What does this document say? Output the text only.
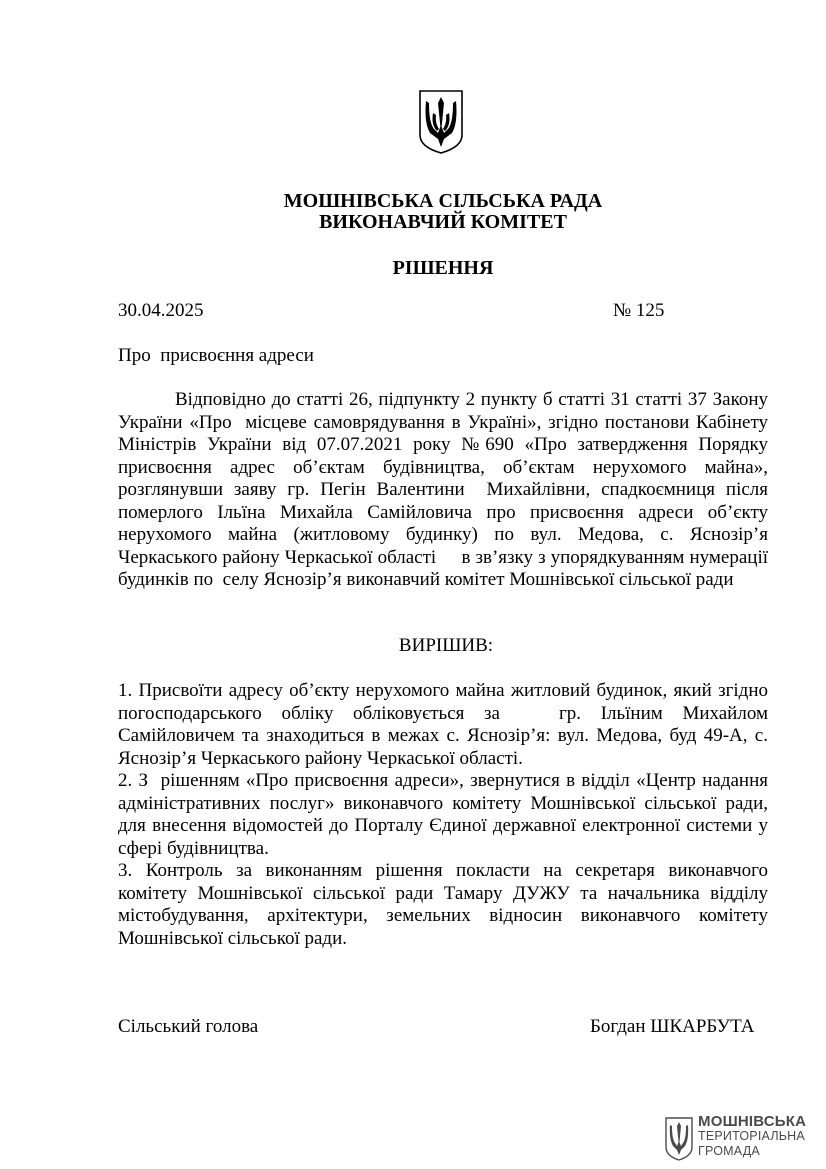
МОШНІВСЬКА СІЛЬСЬКА РАДА
ВИКОНАВЧИЙ КОМІТЕТ
РІШЕННЯ
30.04.2025	№ 125
Про  присвоєння адреси
Відповідно до статті 26, підпункту 2 пункту б статті 31 статті 37 Закону України «Про  місцеве самоврядування в Україні», згідно постанови Кабінету Міністрів України від 07.07.2021 року №690 «Про затвердження Порядку присвоєння адрес об’єктам будівництва, об’єктам нерухомого майна», розглянувши заяву гр. Пегін Валентини  Михайлівни, спадкоємниця після померлого Ільїна Михайла Самійловича про присвоєння адреси об’єкту нерухомого майна (житловому будинку) по вул. Медова, с. Яснозір’я Черкаського району Черкаської області     в зв’язку з упорядкуванням нумерації будинків по  селу Яснозір’я виконавчий комітет Мошнівської сільської ради
ВИРІШИВ:

1. Присвоїти адресу об’єкту нерухомого майна житловий будинок, який згідно погосподарського обліку обліковується за   гр. Ільїним Михайлом Самійловичем та знаходиться в межах с. Яснозір’я: вул. Медова, буд 49-А, с. Яснозір’я Черкаського району Черкаської області.

2. З  рішенням «Про присвоєння адреси», звернутися в відділ «Центр надання адміністративних послуг» виконавчого комітету Мошнівської сільської ради, для внесення відомостей до Порталу Єдиної державної електронної системи у сфері будівництва.

3. Контроль за виконанням рішення покласти на секретаря виконавчого комітету Мошнівської сільської ради Тамару ДУЖУ та начальника відділу містобудування, архітектури, земельних відносин виконавчого комітету Мошнівської сільської ради.

Сільський голова	Богдан ШКАРБУТА
МОШНІВСЬКА
ТЕРИТОРІАЛЬНА
ГРОМАДА
